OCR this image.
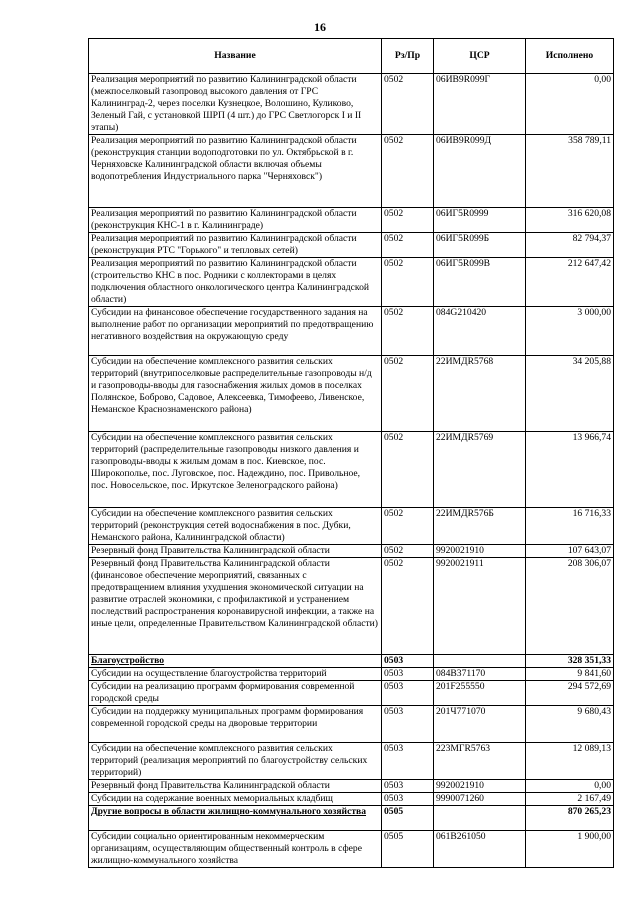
16
Название	Рз/Пр	ЦСР	Исполнено
Реализация мероприятий по развитию Калининградской области (межпоселковый газопровод высокого давления от ГРС Калининград-2, через поселки Кузнецкое, Волошино, Куликово, Зеленый Гай, с установкой ШРП (4 шт.) до ГРС Светлогорск I и II этапы)	0502	06ИВ9R099Г	0,00
Реализация мероприятий по развитию Калининградской области (реконструкция станции водоподготовки по ул. Октябрьской в г. Черняховске Калининградской области включая объемы водопотребления Индустриального парка "Черняховск")	0502	06ИВ9R099Д	358 789,11
Реализация мероприятий по развитию Калининградской области (реконструкция КНС-1 в г. Калининграде)	0502	06ИГ5R0999	316 620,08
Реализация мероприятий по развитию Калининградской области (реконструкция РТС "Горького" и тепловых сетей)	0502	06ИГ5R099Б	82 794,37
Реализация мероприятий по развитию Калининградской области (строительство КНС в пос. Родники с коллекторами в целях подключения областного онкологического центра Калининградской области)	0502	06ИГ5R099В	212 647,42
Субсидии на финансовое обеспечение государственного задания на выполнение работ по организации мероприятий по предотвращению негативного воздействия на окружающую среду	0502	084G210420	3 000,00
Субсидии на обеспечение комплексного развития сельских территорий (внутрипоселковые распределительные газопроводы н/д и газопроводы-вводы для газоснабжения жилых домов в поселках Полянское, Боброво, Садовое, Алексеевка, Тимофеево, Ливенское, Неманское Краснознаменского района)	0502	22ИМДR5768	34 205,88
Субсидии на обеспечение комплексного развития сельских территорий (распределительные газопроводы низкого давления и газопроводы-вводы к жилым домам в пос. Киевское, пос. Широкополье, пос. Луговское, пос. Надеждино, пос. Привольное, пос. Новосельское, пос. Иркутское Зеленоградского района)	0502	22ИМДR5769	13 966,74
Субсидии на обеспечение комплексного развития сельских территорий (реконструкция сетей водоснабжения в пос. Дубки, Неманского района, Калининградской области)	0502	22ИМДR576Б	16 716,33
Резервный фонд Правительства Калининградской области	0502	9920021910	107 643,07
Резервный фонд Правительства Калининградской области (финансовое обеспечение мероприятий, связанных с предотвращением влияния ухудшения экономической ситуации на развитие отраслей экономики, с профилактикой и устранением последствий распространения коронавирусной инфекции, а также на иные цели, определенные Правительством Калининградской области)	0502	9920021911	208 306,07
Благоустройство	0503		328 351,33
Субсидии на осуществление благоустройства территорий	0503	084B371170	9 841,60
Субсидии на реализацию программ формирования современной городской среды	0503	201F255550	294 572,69
Субсидии на поддержку муниципальных программ формирования современной городской среды на дворовые территории	0503	201Ч771070	9 680,43
Субсидии на обеспечение комплексного развития сельских территорий (реализация мероприятий по благоустройству сельских территорий)	0503	223MГR5763	12 089,13
Резервный фонд Правительства Калининградской области	0503	9920021910	0,00
Субсидии на содержание военных мемориальных кладбищ	0503	9990071260	2 167,49
Другие вопросы в области жилищно-коммунального хозяйства	0505		870 265,23
Субсидии социально ориентированным некоммерческим организациям, осуществляющим общественный контроль в сфере жилищно-коммунального хозяйства	0505	061B261050	1 900,00
